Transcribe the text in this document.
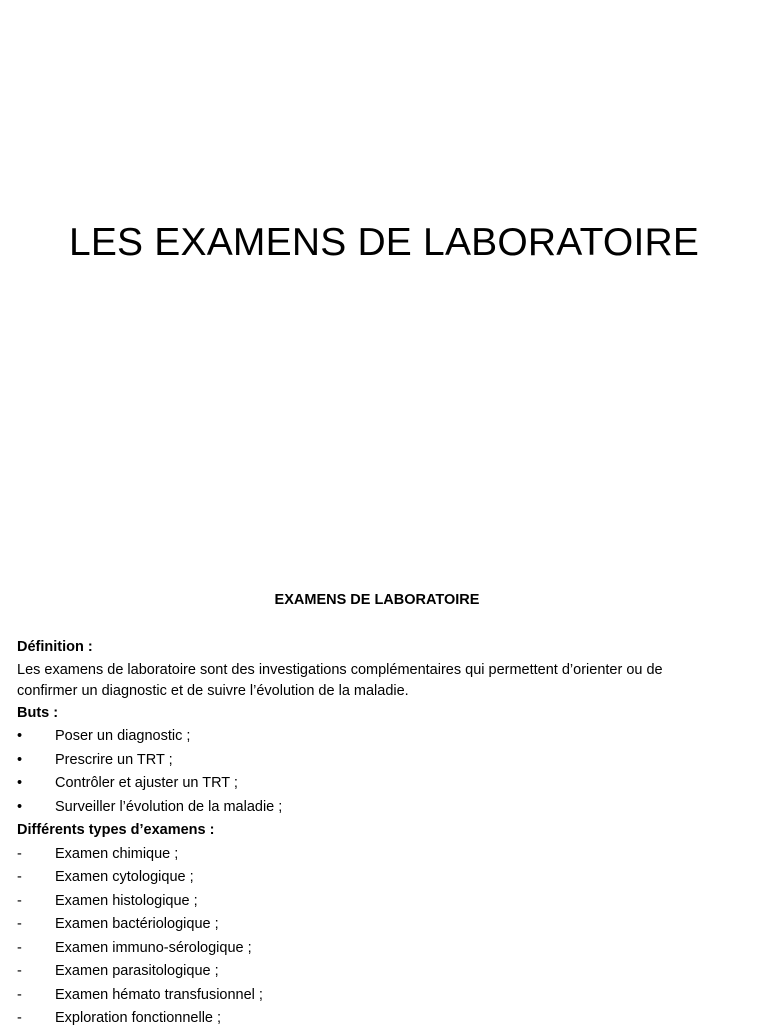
LES EXAMENS DE LABORATOIRE
EXAMENS DE LABORATOIRE
Définition :

Les examens de laboratoire sont des investigations complémentaires qui permettent d’orienter ou de confirmer un diagnostic et de suivre l’évolution de la maladie.

Buts :
•	Poser un diagnostic ;
•	Prescrire un TRT ;
•	Contrôler et ajuster un TRT ;
•	Surveiller l’évolution de la maladie ;
Différents types d’examens :
-	Examen chimique ;
-	Examen cytologique ;
-	Examen histologique ;
-	Examen bactériologique ;
-	Examen immuno-sérologique ;
-	Examen parasitologique ;
-	Examen hémato transfusionnel ;
-	Exploration fonctionnelle ;
